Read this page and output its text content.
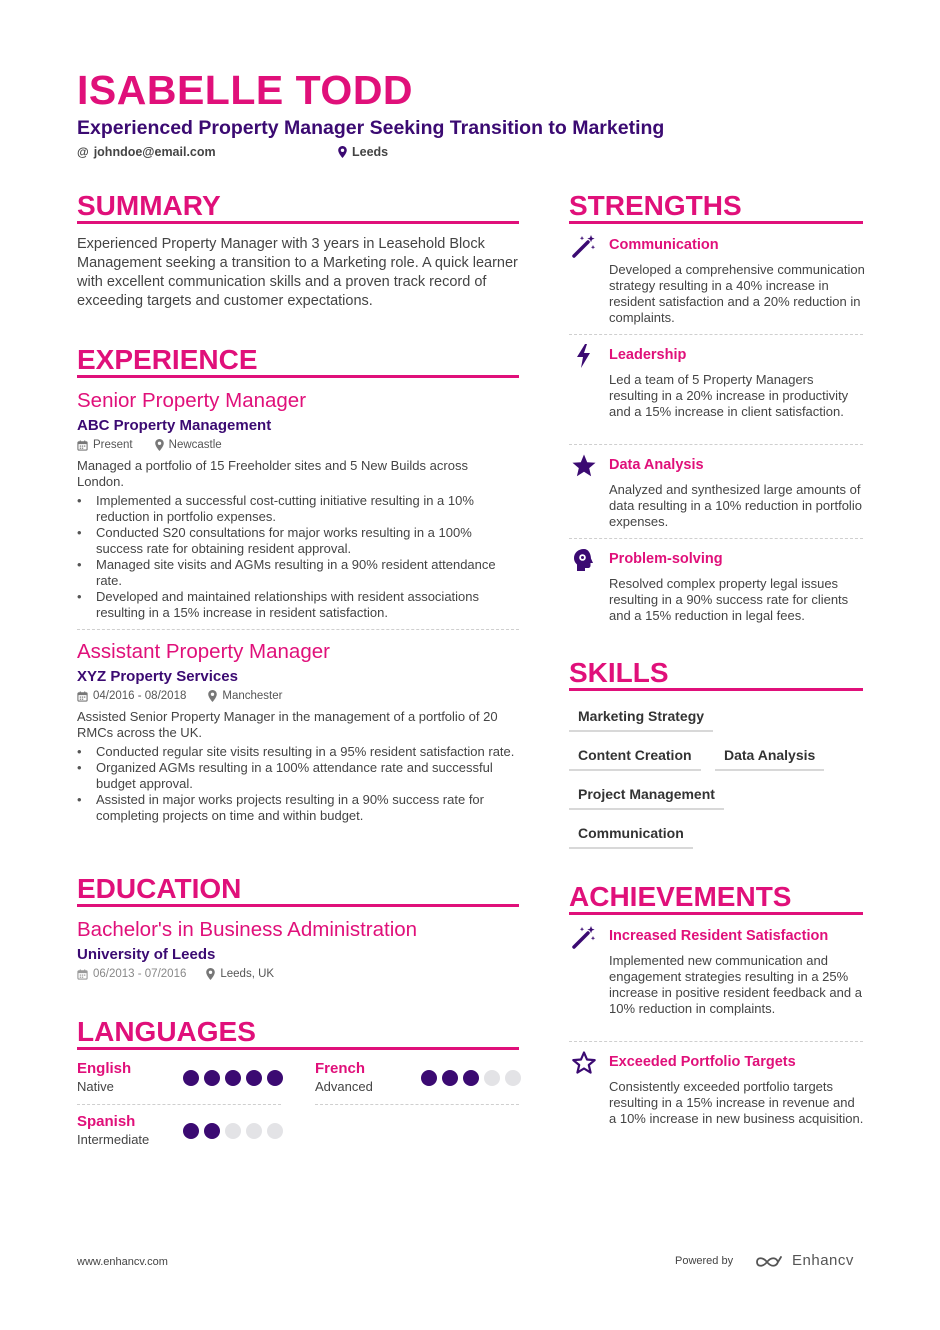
ISABELLE TODD
Experienced Property Manager Seeking Transition to Marketing
@ johndoe@email.com	Leeds
SUMMARY
Experienced Property Manager with 3 years in Leasehold Block Management seeking a transition to a Marketing role. A quick learner with excellent communication skills and a proven track record of exceeding targets and customer expectations.
EXPERIENCE
Senior Property Manager
ABC Property Management
Present	Newcastle
Managed a portfolio of 15 Freeholder sites and 5 New Builds across London.
• Implemented a successful cost-cutting initiative resulting in a 10% reduction in portfolio expenses.
• Conducted S20 consultations for major works resulting in a 100% success rate for obtaining resident approval.
• Managed site visits and AGMs resulting in a 90% resident attendance rate.
• Developed and maintained relationships with resident associations resulting in a 15% increase in resident satisfaction.
Assistant Property Manager
XYZ Property Services
04/2016 - 08/2018	Manchester
Assisted Senior Property Manager in the management of a portfolio of 20 RMCs across the UK.
• Conducted regular site visits resulting in a 95% resident satisfaction rate.
• Organized AGMs resulting in a 100% attendance rate and successful budget approval.
• Assisted in major works projects resulting in a 90% success rate for completing projects on time and within budget.
EDUCATION
Bachelor's in Business Administration
University of Leeds
06/2013 - 07/2016	Leeds, UK
LANGUAGES
English
Native
French
Advanced
Spanish
Intermediate
STRENGTHS
Communication
Developed a comprehensive communication strategy resulting in a 40% increase in resident satisfaction and a 20% reduction in complaints.
Leadership
Led a team of 5 Property Managers resulting in a 20% increase in productivity and a 15% increase in client satisfaction.
Data Analysis
Analyzed and synthesized large amounts of data resulting in a 10% reduction in portfolio expenses.
Problem-solving
Resolved complex property legal issues resulting in a 90% success rate for clients and a 15% reduction in legal fees.
SKILLS
Marketing Strategy
Content Creation	Data Analysis
Project Management
Communication
ACHIEVEMENTS
Increased Resident Satisfaction
Implemented new communication and engagement strategies resulting in a 25% increase in positive resident feedback and a 10% reduction in complaints.
Exceeded Portfolio Targets
Consistently exceeded portfolio targets resulting in a 15% increase in revenue and a 10% increase in new business acquisition.
www.enhancv.com	Powered by	Enhancv
